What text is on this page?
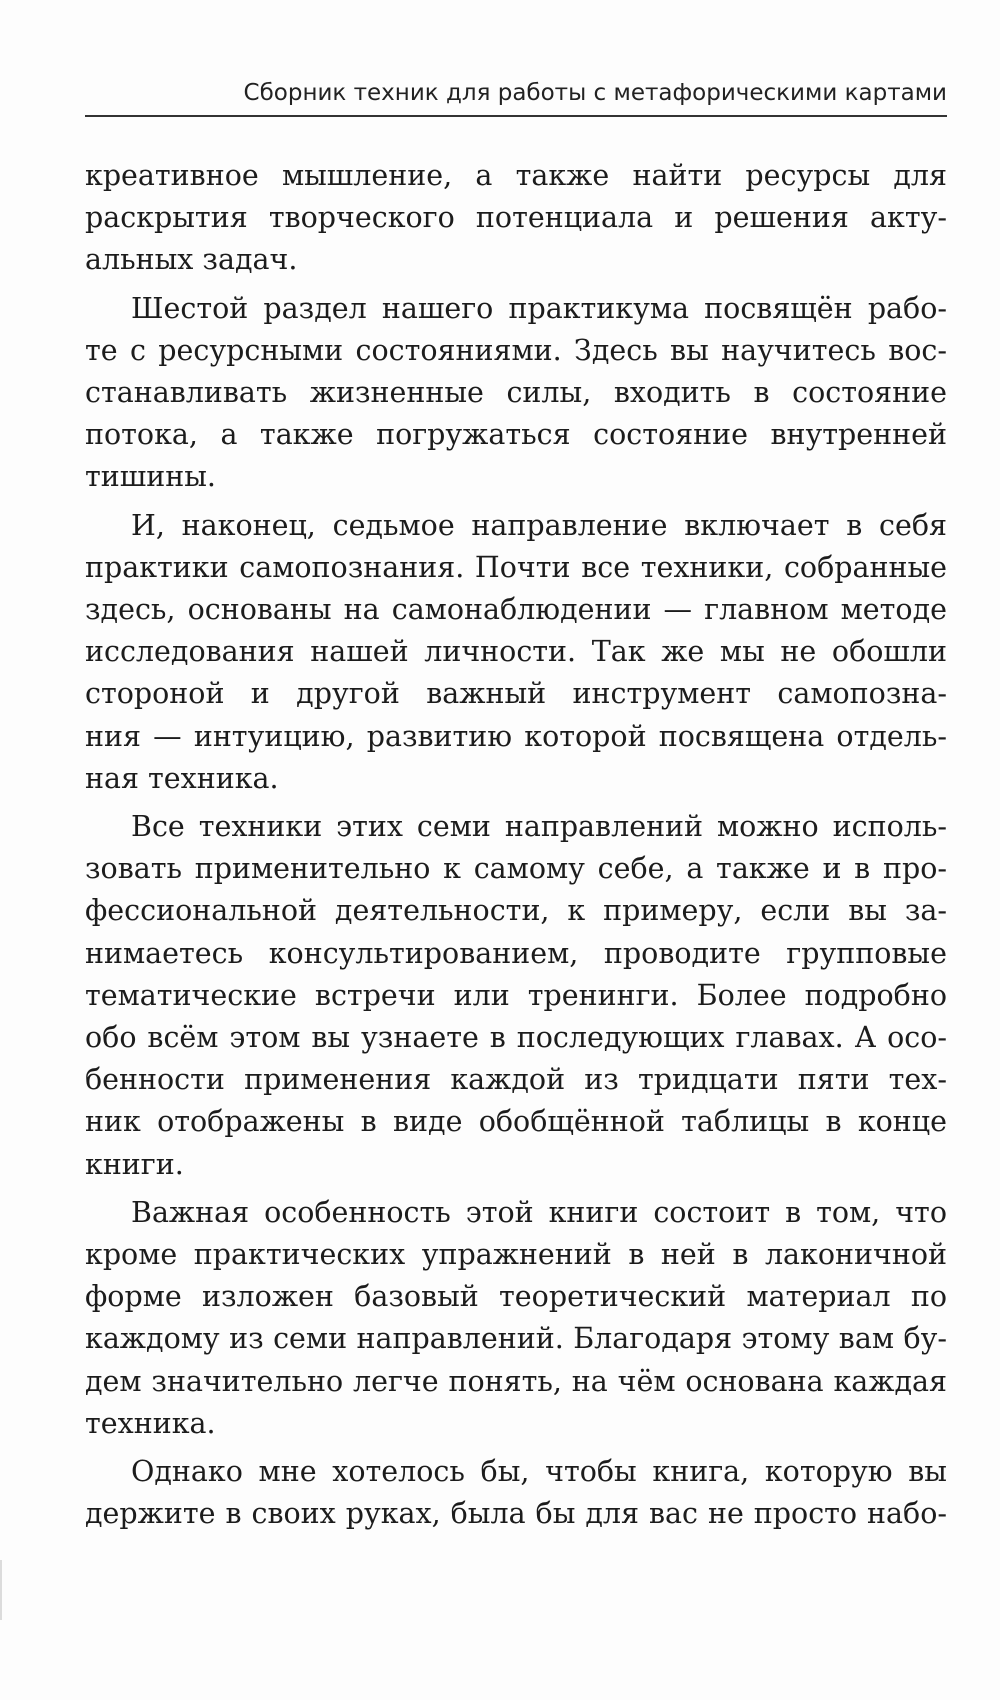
Сборник техник для работы с метафорическими картами

креативное мышление, а также найти ресурсы для
раскрытия творческого потенциала и решения акту-
альных задач.

Шестой раздел нашего практикума посвящён рабо-
те с ресурсными состояниями. Здесь вы научитесь вос-
станавливать жизненные силы, входить в состояние
потока, а также погружаться состояние внутренней
тишины.

И, наконец, седьмое направление включает в себя
практики самопознания. Почти все техники, собранные
здесь, основаны на самонаблюдении — главном методе
исследования нашей личности. Так же мы не обошли
стороной и другой важный инструмент самопозна-
ния — интуицию, развитию которой посвящена отдель-
ная техника.

Все техники этих семи направлений можно исполь-
зовать применительно к самому себе, а также и в про-
фессиональной деятельности, к примеру, если вы за-
нимаетесь консультированием, проводите групповые
тематические встречи или тренинги. Более подробно
обо всём этом вы узнаете в последующих главах. А осо-
бенности применения каждой из тридцати пяти тех-
ник отображены в виде обобщённой таблицы в конце
книги.

Важная особенность этой книги состоит в том, что
кроме практических упражнений в ней в лаконичной
форме изложен базовый теоретический материал по
каждому из семи направлений. Благодаря этому вам бу-
дем значительно легче понять, на чём основана каждая
техника.

Однако мне хотелось бы, чтобы книга, которую вы
держите в своих руках, была бы для вас не просто набо-
